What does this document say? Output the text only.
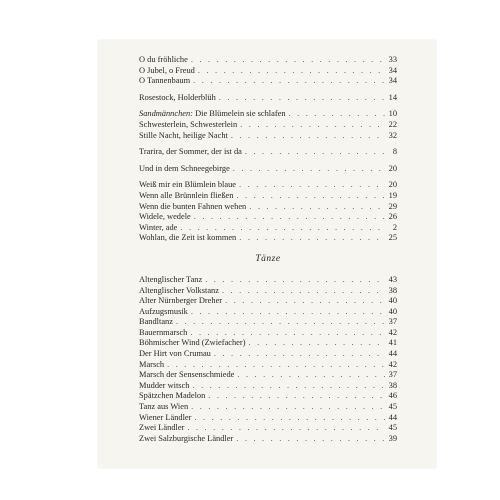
O du fröhliche . . .	33
O Jubel, o Freud . . .	34
O Tannenbaum . . .	34
Rosestock, Holderblüh . . .	14
Sandmännchen: Die Blümelein sie schlafen . . .	10
Schwesterlein, Schwesterlein . . .	22
Stille Nacht, heilige Nacht . . .	32
Trarira, der Sommer, der ist da . . .	8
Und in dem Schneegebirge . . .	20
Weiß mir ein Blümlein blaue . . .	20
Wenn alle Brünnlein fließen . . .	19
Wenn die bunten Fahnen wehen . . .	29
Widele, wedele . . .	26
Winter, ade . . .	2
Wohlan, die Zeit ist kommen . . .	25
Tänze
Altenglischer Tanz . . .	43
Altenglischer Volkstanz . . .	38
Alter Nürnberger Dreher . . .	40
Aufzugsmusik . . .	40
Bandltanz . . .	37
Bauernmarsch . . .	42
Böhmischer Wind (Zwiefacher) . . .	41
Der Hirt von Crumau . . .	44
Marsch . . .	42
Marsch der Sensenschmiede . . .	37
Mudder witsch . . .	38
Spätzchen Madelon . . .	46
Tanz aus Wien . . .	45
Wiener Ländler . . .	44
Zwei Ländler . . .	45
Zwei Salzburgische Ländler . . .	39
